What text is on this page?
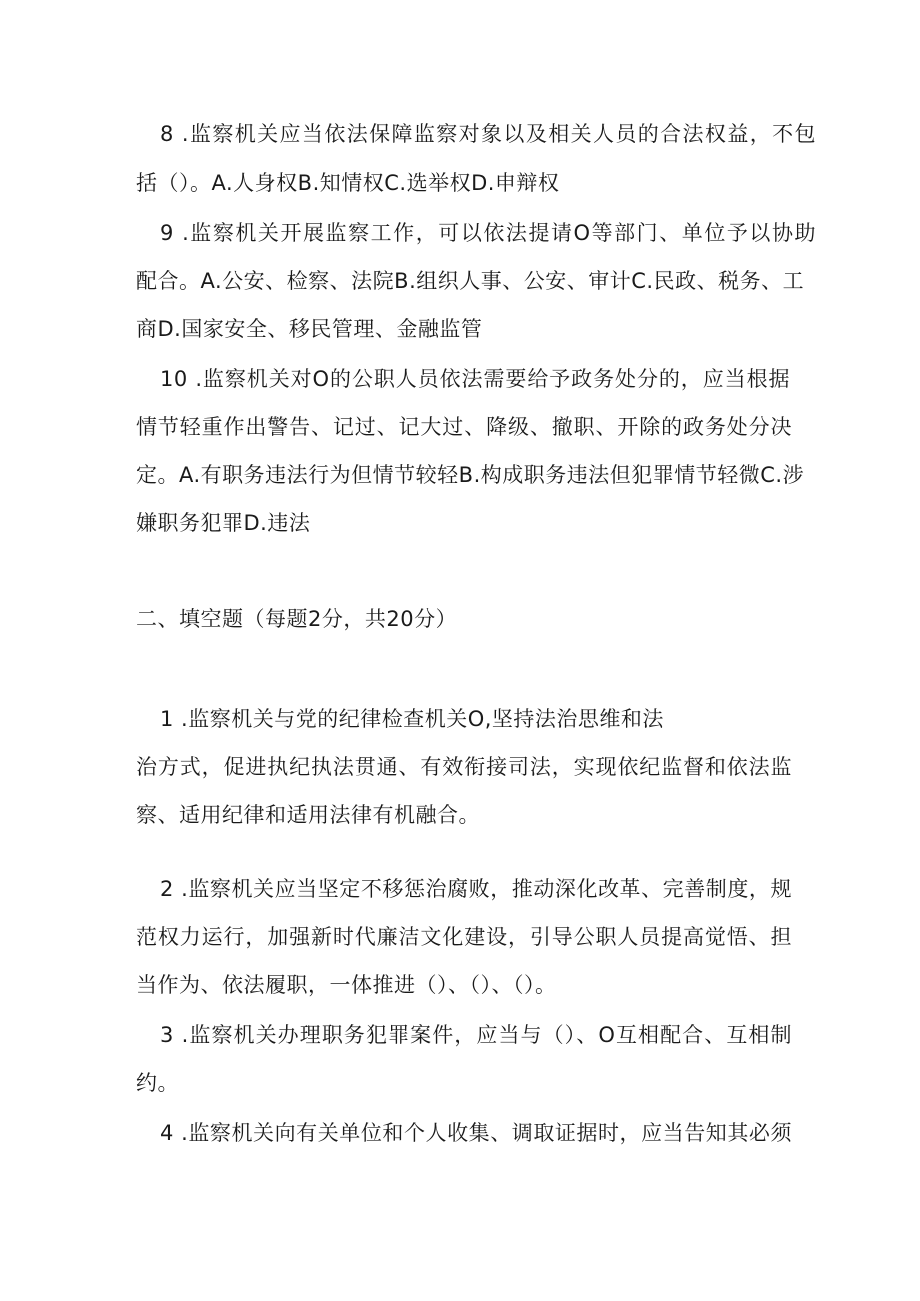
8 .监察机关应当依法保障监察对象以及相关人员的合法权益，不包
括（）。A.人身权B.知情权C.选举权D.申辩权
9 .监察机关开展监察工作，可以依法提请O等部门、单位予以协助
配合。A.公安、检察、法院B.组织人事、公安、审计C.民政、税务、工
商D.国家安全、移民管理、金融监管
10 .监察机关对O的公职人员依法需要给予政务处分的，应当根据
情节轻重作出警告、记过、记大过、降级、撤职、开除的政务处分决
定。A.有职务违法行为但情节较轻B.构成职务违法但犯罪情节轻微C.涉
嫌职务犯罪D.违法
二、填空题（每题2分，共20分）
1 .监察机关与党的纪律检查机关O,坚持法治思维和法
治方式，促进执纪执法贯通、有效衔接司法，实现依纪监督和依法监
察、适用纪律和适用法律有机融合。
2 .监察机关应当坚定不移惩治腐败，推动深化改革、完善制度，规
范权力运行，加强新时代廉洁文化建设，引导公职人员提高觉悟、担
当作为、依法履职，一体推进（）、（）、（）。
3 .监察机关办理职务犯罪案件，应当与（）、O互相配合、互相制
约。
4 .监察机关向有关单位和个人收集、调取证据时，应当告知其必须
